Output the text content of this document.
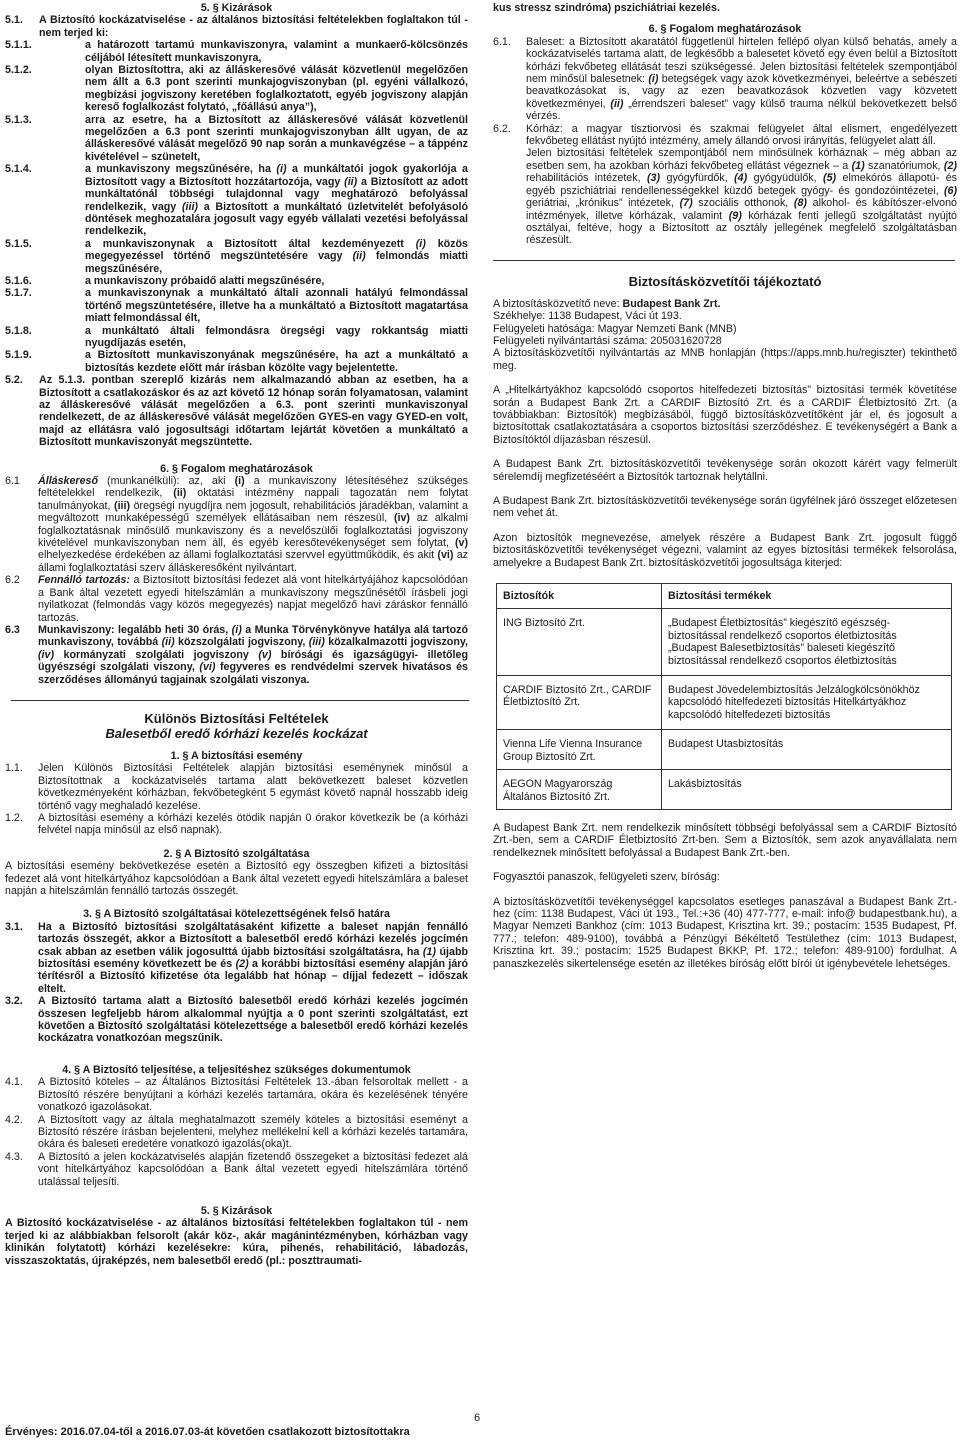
5. § Kizárások

5.1.	A Biztosító kockázatviselése - az általános biztosítási feltételekben foglaltakon túl - nem terjed ki:
5.1.1.	a határozott tartamú munkaviszonyra, valamint a munkaerő-kölcsönzés céljából létesített munkaviszonyra,
5.1.2.	olyan Biztosítottra, aki az álláskeresővé válását közvetlenül megelőzően nem állt a 6.3 pont szerinti munkajogviszonyban (pl. egyéni vállalkozó, megbízási jogviszony keretében foglalkoztatott, egyéb jogviszony alapján kereső foglalkozást folytató, „főállású anya”),
5.1.3.	arra az esetre, ha a Biztosított az álláskeresővé válását közvetlenül megelőzően a 6.3 pont szerinti munkajogviszonyban állt ugyan, de az álláskeresővé válását megelőző 90 nap során a munkavégzése – a táppénz kivételével – szünetelt,
5.1.4.	a munkaviszony megszűnésére, ha (i) a munkáltatói jogok gyakorlója a Biztosított vagy a Biztosított hozzátartozója, vagy (ii) a Biztosított az adott munkáltatónál többségi tulajdonnal vagy meghatározó befolyással rendelkezik, vagy (iii) a Biztosított a munkáltató üzletvitelét befolyásoló döntések meghozatalára jogosult vagy egyéb vállalati vezetési befolyással rendelkezik,
5.1.5.	a munkaviszonynak a Biztosított által kezdeményezett (i) közös megegyezéssel történő megszüntetésére vagy (ii) felmondás miatti megszűnésére,
5.1.6.	a munkaviszony próbaidő alatti megszűnésére,
5.1.7.	a munkaviszonynak a munkáltató általi azonnali hatályú felmondással történő megszüntetésére, illetve ha a munkáltató a Biztosított magatartása miatt felmondással élt,
5.1.8.	a munkáltató általi felmondásra öregségi vagy rokkantság miatti nyugdíjazás esetén,
5.1.9.	a Biztosított munkaviszonyának megszűnésére, ha azt a munkáltató a biztosítás kezdete előtt már írásban közölte vagy bejelentette.
5.2.	Az 5.1.3. pontban szereplő kizárás nem alkalmazandó abban az esetben, ha a Biztosított a csatlakozáskor és az azt követő 12 hónap során folyamatosan, valamint az álláskeresővé válását megelőzően a 6.3. pont szerinti munkaviszonyal rendelkezett, de az álláskeresővé válását megelőzően GYES-en vagy GYED-en volt, majd az ellátásra való jogosultsági időtartam lejártát követően a munkáltató a Biztosított munkaviszonyát megszüntette.

6. § Fogalom meghatározások

6.1	Álláskereső (munkanélküli): az, aki (i) a munkaviszony létesítéséhez szükséges feltételekkel rendelkezik, (ii) oktatási intézmény nappali tagozatán nem folytat tanulmányokat, (iii) öregségi nyugdíjra nem jogosult, rehabilitációs járadékban, valamint a megváltozott munkaképességű személyek ellátásaiban nem részesül, (iv) az alkalmi foglalkoztatásnak minősülő munkaviszony és a nevelőszülői foglalkoztatási jogviszony kivételével munkaviszonyban nem áll, és egyéb keresőtevékenységet sem folytat, (v) elhelyezkedése érdekében az állami foglalkoztatási szervvel együttműködik, és akit (vi) az állami foglalkoztatási szerv álláskeresőként nyilvántart.
6.2	Fennálló tartozás: a Biztosított biztosítási fedezet alá vont hitelkártyájához kapcsolódóan a Bank által vezetett egyedi hitelszámlán a munkaviszony megszűnésétől írásbeli jogi nyilatkozat (felmondás vagy közös megegyezés) napjat megelőző havi záráskor fennálló tartozás.
6.3	Munkaviszony: legalább heti 30 órás, (i) a Munka Törvénykönyve hatálya alá tartozó munkaviszony, továbbá (ii) közszolgálati jogviszony, (iii) közalkalmazotti jogviszony, (iv) kormányzati szolgálati jogviszony (v) bírósági és igazságügyi- illetőleg ügyészségi szolgálati viszony, (vi) fegyveres es rendvédelmi szervek hivatásos és szerződéses állományú tagjainak szolgálati viszonya.

Különös Biztosítási Feltételek

Balesetből eredő kórházi kezelés kockázat

1. § A biztosítási esemény

1.1.	Jelen Különös Biztosítási Feltételek alapján biztosítási eseménynek minősül a Biztosítottnak a kockázatviselés tartama alatt bekövetkezett baleset közvetlen következményeként kórházban, fekvőbetegként 5 egymást követő napnál hosszabb ideig történő vagy meghaladó kezelése.
1.2.	A biztosítási esemény a kórházi kezelés ötödik napján 0 órakor következik be (a kórházi felvétel napja minősül az első napnak).

2. § A Biztosító szolgáltatása

A biztosítási esemény bekövetkezése esetén a Biztosító egy összegben kifizeti a biztosítási fedezet alá vont hitelkártyához kapcsolódóan a Bank által vezetett egyedi hitelszámlára a baleset napján a hitelszámlán fennálló tartozás összegét.

3. § A Biztosító szolgáltatásai kötelezettségének felső határa

3.1.	Ha a Biztosító biztosítási szolgáltatásaként kifizette a baleset napján fennálló tartozás összegét, akkor a Biztosított a balesetből eredő kórházi kezelés jogcímén csak abban az esetben válik jogosulttá újabb biztosítási szolgáltatásra, ha (1) újabb biztosítási esemény következett be és (2) a korábbi biztosítási esemény alapján járó térítésről a Biztosító kifizetése óta legalább hat hónap – díjjal fedezett – időszak eltelt.
3.2.	A Biztosító tartama alatt a Biztosító balesetből eredő kórházi kezelés jogcímén összesen legfeljebb három alkalommal nyújtja a 0 pont szerinti szolgáltatást, ezt követően a Biztosító szolgáltatási kötelezettsége a balesetből eredő kórházi kezelés kockázatra vonatkozóan megszűnik.

4. § A Biztosító teljesítése, a teljesítéshez szükséges dokumentumok

4.1.	A Biztosító köteles – az Általános Biztosítási Feltételek 13.-ában felsoroltak mellett - a Biztosító részére benyújtani a kórházi kezelés tartamára, okára és kezelésének tényére vonatkozó igazolásokat.
4.2.	A Biztosított vagy az általa meghatalmazott személy köteles a biztosítási eseményt a Biztosító részére írásban bejelenteni, melyhez mellékelni kell a kórházi kezelés tartamára, okára és baleseti eredetére vonatkozó igazolás(oka)t.
4.3.	A Biztosító a jelen kockázatviselés alapján fizetendő összegeket a biztosítási fedezet alá vont hitelkártyához kapcsolódóan a Bank által vezetett egyedi hitelszámlára történő utalással teljesíti.

5. § Kizárások

A Biztosító kockázatviselése - az általános biztosítási feltételekben foglaltakon túl - nem terjed ki az alábbiakban felsorolt (akár köz-, akár magánintézményben, kórházban vagy klinikán folytatott) kórházi kezelésekre: kúra, pihenés, rehabilitáció, lábadozás, visszaszoktatás, újraképzés, nem balesetből eredő (pl.: poszttraumati-

kus stressz szindróma) pszichiátriai kezelés.

6. § Fogalom meghatározások

6.1.	Baleset: a Biztosított akaratától függetlenül hirtelen fellépő olyan külső behatás, amely a kockázatviselés tartama alatt, de legkésőbb a balesetet követő egy éven belül a Biztosított kórházi fekvőbeteg ellátását teszi szükségessé. Jelen biztosítási feltételek szempontjából nem minősül balesetnek: (i) betegségek vagy azok következményei, beleértve a sebészeti beavatkozásokat is, vagy az ezen beavatkozások közvetlen vagy közvetett következményei, (ii) „érrendszeri baleset” vagy külső trauma nélkül bekövetkezett belső vérzés.
6.2.	Kórház: a magyar tisztiorvosi és szakmai felügyelet által elismert, engedélyezett fekvőbeteg ellátást nyújtó intézmény, amely állandó orvosi irányítás, felügyelet alatt áll.
Jelen biztosítási feltételek szempontjából nem minősülnek kórháznak – még abban az esetben sem, ha azokban kórházi fekvőbeteg ellátást végeznek – a (1) szanatóriumok, (2) rehabilitációs intézetek, (3) gyógyfürdők, (4) gyógyüdülők, (5) elmekórós állapotú- és egyéb pszichiátriai rendellenességekkel küzdő betegek gyógy- és gondozóintézetei, (6) geriátriai, „krónikus” intézetek, (7) szociális otthonok, (8) alkohol- és kábítószer-elvonó intézmények, illetve kórházak, valamint (9) kórházak fenti jellegű szolgáltatást nyújtó osztályai, feltéve, hogy a Biztosított az osztály jellegének megfelelő szolgáltatásban részesült.

Biztosításközvetítői tájékoztató

A biztosításközvetítő neve: Budapest Bank Zrt.

Székhelye: 1138 Budapest, Váci út 193.

Felügyeleti hatósága: Magyar Nemzeti Bank (MNB)

Felügyeleti nyilvántartási száma: 205031620728

A biztosításközvetítői nyilvántartás az MNB honlapján (https://apps.mnb.hu/regiszter) tekinthető meg.

A „Hitelkártyákhoz kapcsolódó csoportos hitelfedezeti biztosítás” biztosítási termék követítése során a Budapest Bank Zrt. a CARDIF Biztosító Zrt. és a CARDIF Életbiztosító Zrt. (a továbbiakban: Biztosítók) megbízásából, függő biztosításközvetítőként jár el, és jogosult a biztosítottak csatlakoztatására a csoportos biztosítási szerződéshez. E tevékenységért a Bank a Biztosítóktól díjazásban részesül.

A Budapest Bank Zrt. biztosításközvetítői tevékenysége során okozott kárért vagy felmerült sérelemdíj megfizetéséért a Biztosítók tartoznak helytállni.

A Budapest Bank Zrt. biztosításközvetítői tevékenysége során ügyfélnek járó összeget előzetesen nem vehet át.

Azon biztosítók megnevezése, amelyek részére a Budapest Bank Zrt. jogosult függő biztosításközvetítői tevékenységet végezni, valamint az egyes biztosítási termékek felsorolása, amelyekre a Budapest Bank Zrt. biztosításközvetítői jogosultsága kiterjed:

Biztosítók	Biztosítási termékek
ING Biztosító Zrt.	„Budapest Életbiztosítás” kiegészítő egészség-biztosítással rendelkező csoportos életbiztosítás „Budapest Balesetbiztosítás” baleseti kiegészítő biztosítással rendelkező csoportos életbiztosítás
CARDIF Biztosító Zrt., CARDIF Életbiztosító Zrt.	Budapest Jövedelembiztosítás Jelzálogkölcsönökhöz kapcsolódó hitelfedezeti biztosítás Hitelkártyákhoz kapcsolódó hitelfedezeti biztosítás
Vienna Life Vienna Insurance Group Biztosító Zrt.	Budapest Utasbiztosítás
AEGON Magyarország Általános Biztosító Zrt.	Lakásbiztosítás

A Budapest Bank Zrt. nem rendelkezik minősített többségi befolyással sem a CARDIF Biztosító Zrt.-ben, sem a CARDIF Életbiztosító Zrt-ben. Sem a Biztosítók, sem azok anyavállalata nem rendelkeznek minősített befolyással a Budapest Bank Zrt.-ben.

Fogyasztói panaszok, felügyeleti szerv, bíróság:

A biztosításközvetítői tevékenységgel kapcsolatos esetleges panaszával a Budapest Bank Zrt.-hez (cím: 1138 Budapest, Váci út 193., Tel.:+36 (40) 477-777, e-mail: info@ budapestbank.hu), a Magyar Nemzeti Bankhoz (cím: 1013 Budapest, Krisztina krt. 39.; postacím: 1535 Budapest, Pf. 777.; telefon: 489-9100), továbbá a Pénzügyi Békéltető Testülethez (cím: 1013 Budapest, Krisztina krt. 39.; postacím: 1525 Budapest BKKP, Pf. 172.; telefon: 489-9100) fordulhat. A panaszkezelés sikertelensége esetén az illetékes bíróság előtt bírói út igénybevétele lehetséges.

6
Érvényes: 2016.07.04-től a 2016.07.03-át követően csatlakozott biztosítottakra
